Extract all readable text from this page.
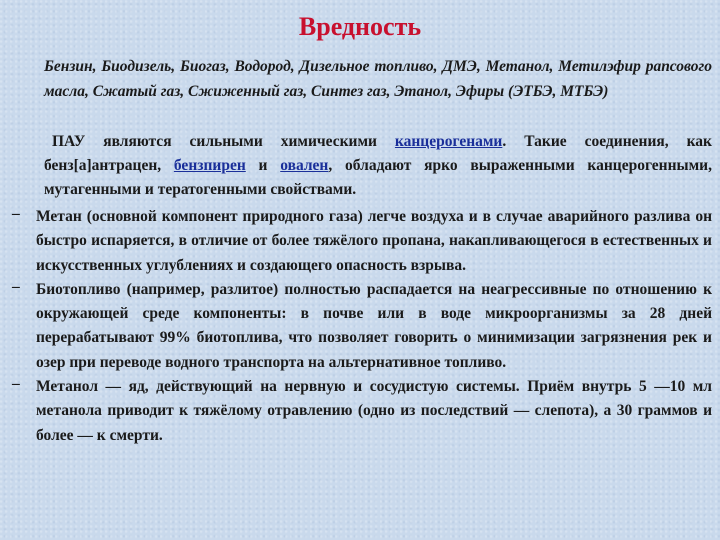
Вредность
Бензин, Биодизель, Биогаз, Водород, Дизельное топливо, ДМЭ, Метанол, Метилэфир рапсового масла, Сжатый газ, Сжиженный газ, Синтез газ, Этанол, Эфиры (ЭТБЭ, МТБЭ)
ПАУ являются сильными химическими канцерогенами. Такие соединения, как бенз[а]антрацен, бензпирен и овален, обладают ярко выраженными канцерогенными, мутагенными и тератогенными свойствами.
– Метан (основной компонент природного газа) легче воздуха и в случае аварийного разлива он быстро испаряется, в отличие от более тяжёлого пропана, накапливающегося в естественных и искусственных углублениях и создающего опасность взрыва.
– Биотопливо (например, разлитое) полностью распадается на неагрессивные по отношению к окружающей среде компоненты: в почве или в воде микроорганизмы за 28 дней перерабатывают 99% биотоплива, что позволяет говорить о минимизации загрязнения рек и озер при переводе водного транспорта на альтернативное топливо.
– Метанол — яд, действующий на нервную и сосудистую системы. Приём внутрь 5 —10 мл метанола приводит к тяжёлому отравлению (одно из последствий — слепота), а 30 граммов и более — к смерти.
